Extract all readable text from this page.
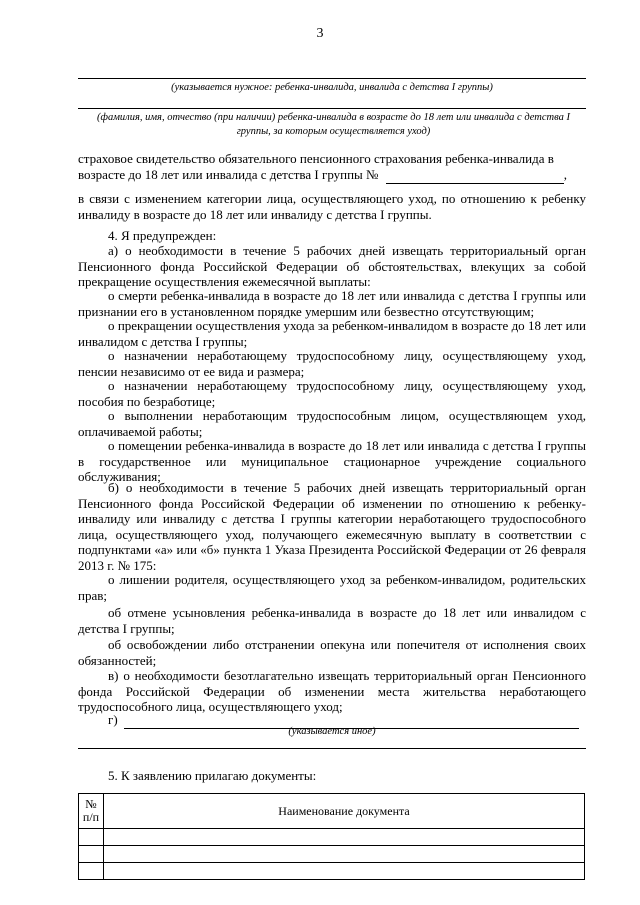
3
(указывается нужное: ребенка-инвалида, инвалида с детства I группы)
(фамилия, имя, отчество (при наличии) ребенка-инвалида в возрасте до 18 лет или инвалида с детства I группы, за которым осуществляется уход)
страховое свидетельство обязательного пенсионного страхования ребенка-инвалида в
возрасте до 18 лет или инвалида с детства I группы №	,
в связи с изменением категории лица, осуществляющего уход, по отношению к ребенку инвалиду в возрасте до 18 лет или инвалиду с детства I группы.
4. Я предупрежден:
а) о необходимости в течение 5 рабочих дней извещать территориальный орган Пенсионного фонда Российской Федерации об обстоятельствах, влекущих за собой прекращение осуществления ежемесячной выплаты:
о смерти ребенка-инвалида в возрасте до 18 лет или инвалида с детства I группы или признании его в установленном порядке умершим или безвестно отсутствующим;
о прекращении осуществления ухода за ребенком-инвалидом в возрасте до 18 лет или инвалидом с детства I группы;
о назначении неработающему трудоспособному лицу, осуществляющему уход, пенсии независимо от ее вида и размера;
о назначении неработающему трудоспособному лицу, осуществляющему уход, пособия по безработице;
о выполнении неработающим трудоспособным лицом, осуществляющем уход, оплачиваемой работы;
о помещении ребенка-инвалида в возрасте до 18 лет или инвалида с детства I группы в государственное или муниципальное стационарное учреждение социального обслуживания;
б) о необходимости в течение 5 рабочих дней извещать территориальный орган Пенсионного фонда Российской Федерации об изменении по отношению к ребенку-инвалиду или инвалиду с детства I группы категории неработающего трудоспособного лица, осуществляющего уход, получающего ежемесячную выплату в соответствии с подпунктами «а» или «б» пункта 1 Указа Президента Российской Федерации от 26 февраля 2013 г. № 175:
о лишении родителя, осуществляющего уход за ребенком-инвалидом, родительских прав;
об отмене усыновления ребенка-инвалида в возрасте до 18 лет или инвалидом с детства I группы;
об освобождении либо отстранении опекуна или попечителя от исполнения своих обязанностей;
в) о необходимости безотлагательно извещать территориальный орган Пенсионного фонда Российской Федерации об изменении места жительства неработающего трудоспособного лица, осуществляющего уход;
г)
(указывается иное)
5. К заявлению прилагаю документы:
№ п/п	Наименование документа
